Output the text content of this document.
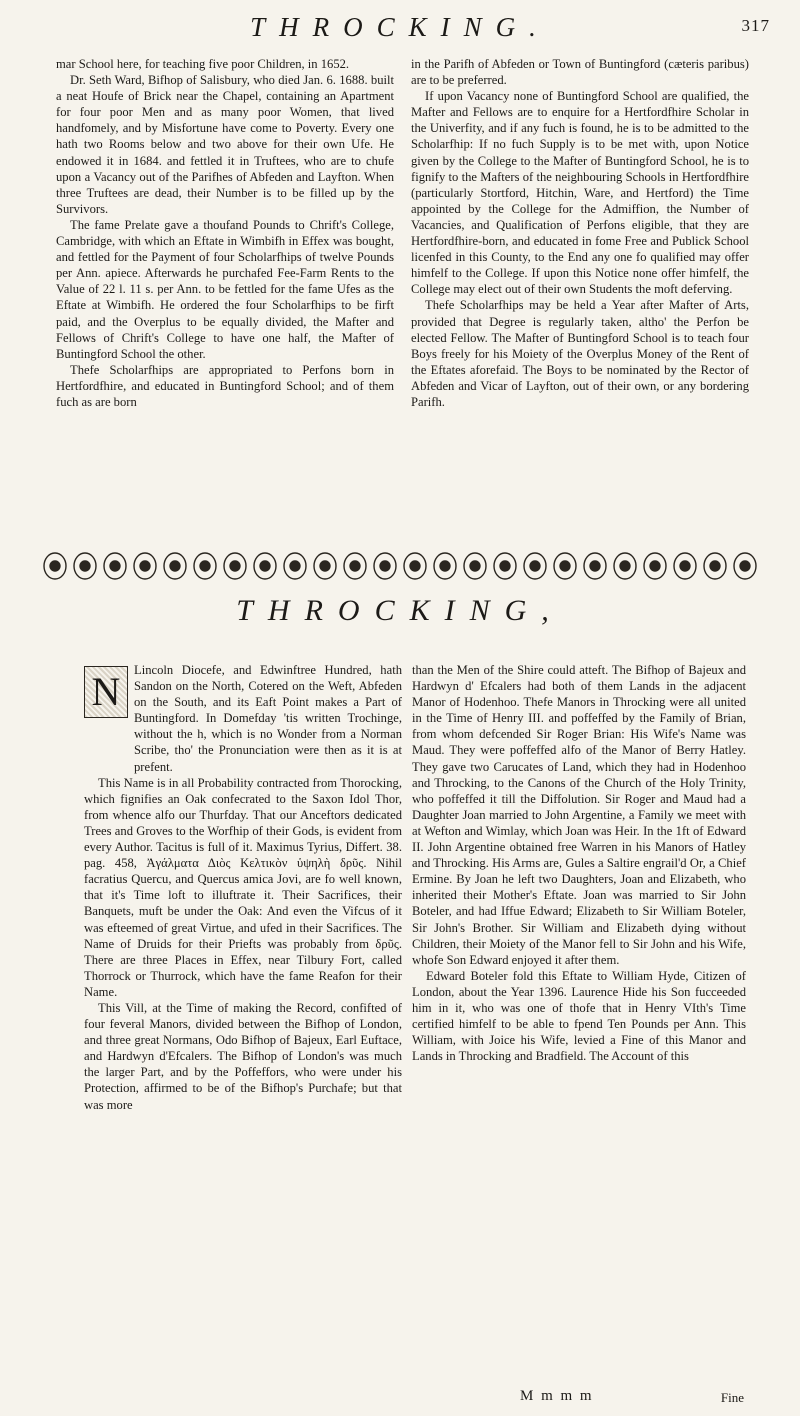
THROCKING.	317

mar School here, for teaching five poor Children, in 1652.

Dr. Seth Ward, Bifhop of Salisbury, who died Jan. 6. 1688. built a neat Houfe of Brick near the Chapel, containing an Apartment for four poor Men and as many poor Women, that lived handfomely, and by Misfortune have come to Poverty. Every one hath two Rooms below and two above for their own Ufe. He endowed it in 1684. and fettled it in Truftees, who are to chufe upon a Vacancy out of the Parifhes of Abfeden and Layfton. When three Truftees are dead, their Number is to be filled up by the Survivors.

The fame Prelate gave a thoufand Pounds to Chrift's College, Cambridge, with which an Eftate in Wimbifh in Effex was bought, and fettled for the Payment of four Scholarfhips of twelve Pounds per Ann. apiece. Afterwards he purchafed Fee-Farm Rents to the Value of 22 l. 11 s. per Ann. to be fettled for the fame Ufes as the Eftate at Wimbifh. He ordered the four Scholarfhips to be firft paid, and the Overplus to be equally divided, the Mafter and Fellows of Chrift's College to have one half, the Mafter of Buntingford School the other.

Thefe Scholarfhips are appropriated to Perfons born in Hertfordfhire, and educated in Buntingford School; and of them fuch as are born

in the Parifh of Abfeden or Town of Buntingford (cæteris paribus) are to be preferred.

If upon Vacancy none of Buntingford School are qualified, the Mafter and Fellows are to enquire for a Hertfordfhire Scholar in the Univerfity, and if any fuch is found, he is to be admitted to the Scholarfhip: If no fuch Supply is to be met with, upon Notice given by the College to the Mafter of Buntingford School, he is to fignify to the Mafters of the neighbouring Schools in Hertfordfhire (particularly Stortford, Hitchin, Ware, and Hertford) the Time appointed by the College for the Admiffion, the Number of Vacancies, and Qualification of Perfons eligible, that they are Hertfordfhire-born, and educated in fome Free and Publick School licenfed in this County, to the End any one fo qualified may offer himfelf to the College. If upon this Notice none offer himfelf, the College may elect out of their own Students the moft deferving.

Thefe Scholarfhips may be held a Year after Mafter of Arts, provided that Degree is regularly taken, altho' the Perfon be elected Fellow. The Mafter of Buntingford School is to teach four Boys freely for his Moiety of the Overplus Money of the Rent of the Eftates aforefaid. The Boys to be nominated by the Rector of Abfeden and Vicar of Layfton, out of their own, or any bordering Parifh.

THROCKING,
N	Lincoln Diocefe, and Edwinftree Hundred, hath Sandon on the North, Cotered on the Weft, Abfeden on the South, and its Eaft Point makes a Part of Buntingford. In Domefday 'tis written Trochinge, without the h, which is no Wonder from a Norman Scribe, tho' the Pronunciation were then as it is at prefent.

This Name is in all Probability contracted from Thorocking, which fignifies an Oak confecrated to the Saxon Idol Thor, from whence alfo our Thurfday. That our Anceftors dedicated Trees and Groves to the Worfhip of their Gods, is evident from every Author. Tacitus is full of it. Maximus Tyrius, Differt. 38. pag. 458, Ἀγάλματα Διὸς Κελτικὸν ὑψηλὴ δρῦς. Nihil facratius Quercu, and Quercus amica Jovi, are fo well known, that it's Time loft to illuftrate it. Their Sacrifices, their Banquets, muft be under the Oak: And even the Vifcus of it was efteemed of great Virtue, and ufed in their Sacrifices. The Name of Druids for their Priefts was probably from δρῦς. There are three Places in Effex, near Tilbury Fort, called Thorrock or Thurrock, which have the fame Reafon for their Name.

This Vill, at the Time of making the Record, confifted of four feveral Manors, divided between the Bifhop of London, and three great Normans, Odo Bifhop of Bajeux, Earl Euftace, and Hardwyn d'Efcalers. The Bifhop of London's was much the larger Part, and by the Poffeffors, who were under his Protection, affirmed to be of the Bifhop's Purchafe; but that was more

than the Men of the Shire could atteft. The Bifhop of Bajeux and Hardwyn d' Efcalers had both of them Lands in the adjacent Manor of Hodenhoo. Thefe Manors in Throcking were all united in the Time of Henry III. and poffeffed by the Family of Brian, from whom defcended Sir Roger Brian: His Wife's Name was Maud. They were poffeffed alfo of the Manor of Berry Hatley. They gave two Carucates of Land, which they had in Hodenhoo and Throcking, to the Canons of the Church of the Holy Trinity, who poffeffed it till the Diffolution. Sir Roger and Maud had a Daughter Joan married to John Argentine, a Family we meet with at Wefton and Wimlay, which Joan was Heir. In the 1ft of Edward II. John Argentine obtained free Warren in his Manors of Hatley and Throcking. His Arms are, Gules a Saltire engrail'd Or, a Chief Ermine. By Joan he left two Daughters, Joan and Elizabeth, who inherited their Mother's Eftate. Joan was married to Sir John Boteler, and had Iffue Edward; Elizabeth to Sir William Boteler, Sir John's Brother. Sir William and Elizabeth dying without Children, their Moiety of the Manor fell to Sir John and his Wife, whofe Son Edward enjoyed it after them.

Edward Boteler fold this Eftate to William Hyde, Citizen of London, about the Year 1396. Laurence Hide his Son fucceeded him in it, who was one of thofe that in Henry VIth's Time certified himfelf to be able to fpend Ten Pounds per Ann. This William, with Joice his Wife, levied a Fine of this Manor and Lands in Throcking and Bradfield. The Account of this

M m m m	Fine
